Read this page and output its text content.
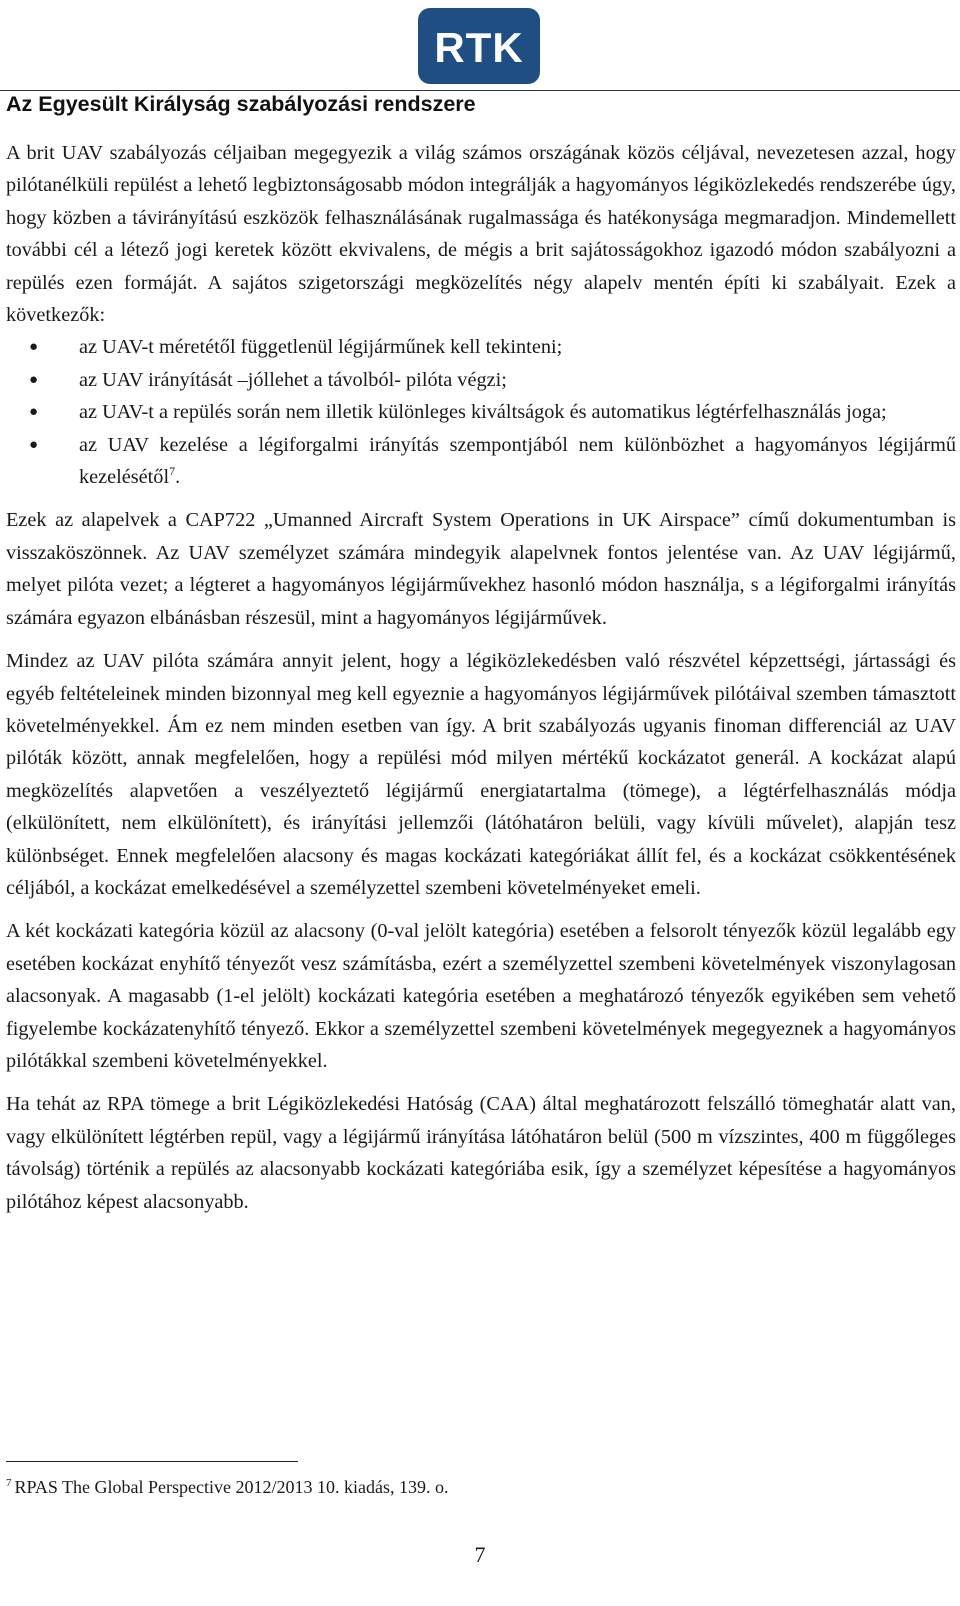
RTK
Az Egyesült Királyság szabályozási rendszere

A brit UAV szabályozás céljaiban megegyezik a világ számos országának közös céljával, nevezetesen azzal, hogy pilótanélküli repülést a lehető legbiztonságosabb módon integrálják a hagyományos légiközlekedés rendszerébe úgy, hogy közben a távirányítású eszközök felhasználásának rugalmassága és hatékonysága megmaradjon. Mindemellett további cél a létező jogi keretek között ekvivalens, de mégis a brit sajátosságokhoz igazodó módon szabályozni a repülés ezen formáját. A sajátos szigetországi megközelítés négy alapelv mentén építi ki szabályait. Ezek a következők:

● az UAV-t méretétől függetlenül légijárműnek kell tekinteni;
● az UAV irányítását –jóllehet a távolból- pilóta végzi;
● az UAV-t a repülés során nem illetik különleges kiváltságok és automatikus légtérfelhasználás joga;
● az UAV kezelése a légiforgalmi irányítás szempontjából nem különbözhet a hagyományos légijármű kezelésétől$^7$.

Ezek az alapelvek a CAP722 „Umanned Aircraft System Operations in UK Airspace” című dokumentumban is visszaköszönnek. Az UAV személyzet számára mindegyik alapelvnek fontos jelentése van. Az UAV légijármű, melyet pilóta vezet; a légteret a hagyományos légijárművekhez hasonló módon használja, s a légiforgalmi irányítás számára egyazon elbánásban részesül, mint a hagyományos légijárművek.

Mindez az UAV pilóta számára annyit jelent, hogy a légiközlekedésben való részvétel képzettségi, jártassági és egyéb feltételeinek minden bizonnyal meg kell egyeznie a hagyományos légijárművek pilótáival szemben támasztott követelményekkel. Ám ez nem minden esetben van így. A brit szabályozás ugyanis finoman differenciál az UAV pilóták között, annak megfelelően, hogy a repülési mód milyen mértékű kockázatot generál. A kockázat alapú megközelítés alapvetően a veszélyeztető légijármű energiatartalma (tömege), a légtérfelhasználás módja (elkülönített, nem elkülönített), és irányítási jellemzői (látóhatáron belüli, vagy kívüli művelet), alapján tesz különbséget. Ennek megfelelően alacsony és magas kockázati kategóriákat állít fel, és a kockázat csökkentésének céljából, a kockázat emelkedésével a személyzettel szembeni követelményeket emeli.

A két kockázati kategória közül az alacsony (0-val jelölt kategória) esetében a felsorolt tényezők közül legalább egy esetében kockázat enyhítő tényezőt vesz számításba, ezért a személyzettel szembeni követelmények viszonylagosan alacsonyak. A magasabb (1-el jelölt) kockázati kategória esetében a meghatározó tényezők egyikében sem vehető figyelembe kockázatenyhítő tényező. Ekkor a személyzettel szembeni követelmények megegyeznek a hagyományos pilótákkal szembeni követelményekkel.

Ha tehát az RPA tömege a brit Légiközlekedési Hatóság (CAA) által meghatározott felszálló tömeghatár alatt van, vagy elkülönített légtérben repül, vagy a légijármű irányítása látóhatáron belül (500 m vízszintes, 400 m függőleges távolság) történik a repülés az alacsonyabb kockázati kategóriába esik, így a személyzet képesítése a hagyományos pilótához képest alacsonyabb.

$^7$ RPAS The Global Perspective 2012/2013 10. kiadás, 139. o.
7
